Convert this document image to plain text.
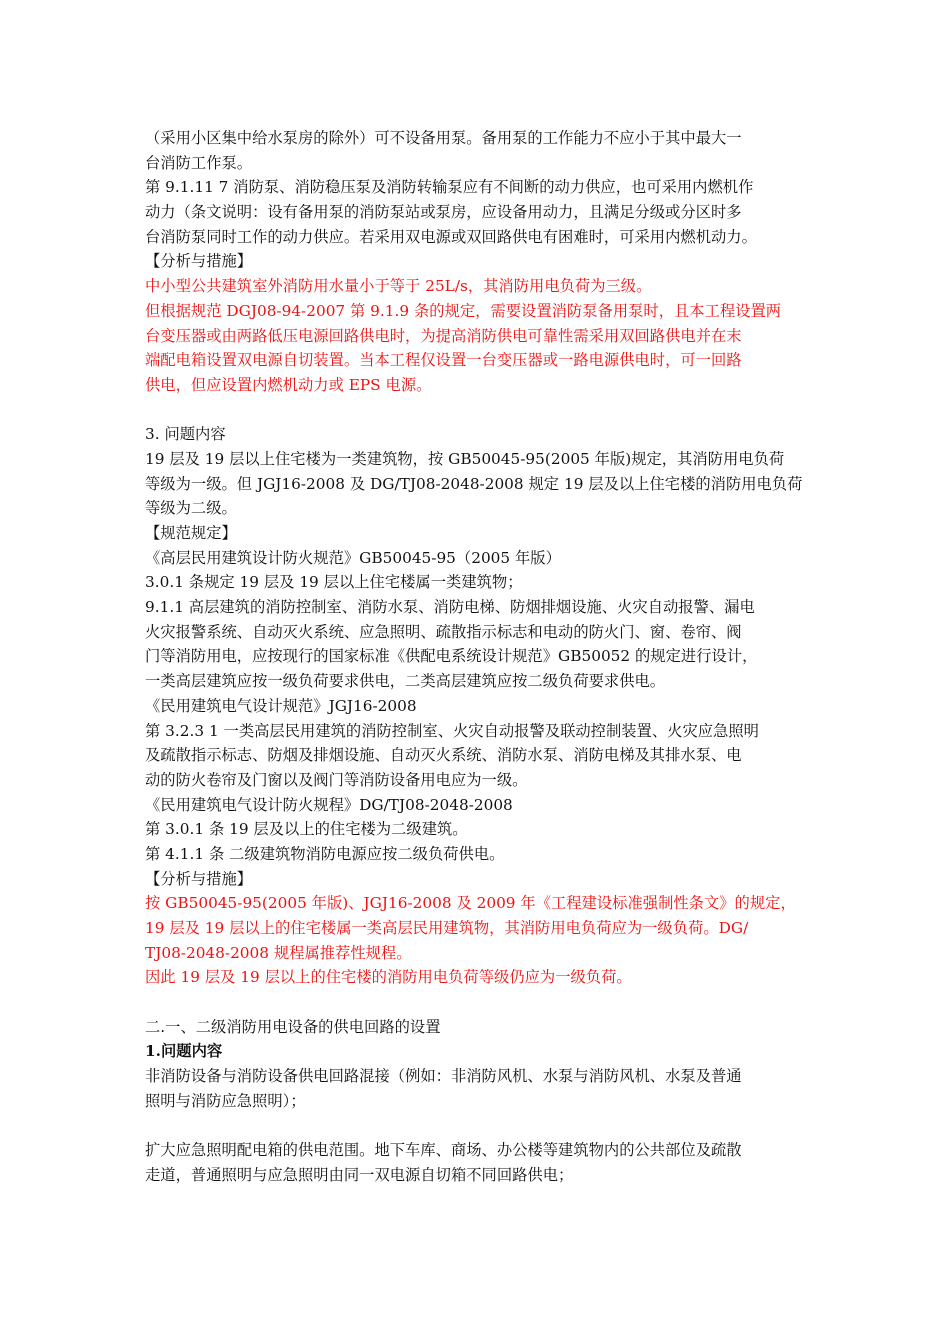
（采用小区集中给水泵房的除外）可不设备用泵。备用泵的工作能力不应小于其中最大一
台消防工作泵。
第 9.1.11 7 消防泵、消防稳压泵及消防转输泵应有不间断的动力供应，也可采用内燃机作
动力（条文说明：设有备用泵的消防泵站或泵房，应设备用动力，且满足分级或分区时多
台消防泵同时工作的动力供应。若采用双电源或双回路供电有困难时，可采用内燃机动力。
【分析与措施】
中小型公共建筑室外消防用水量小于等于 25L/s，其消防用电负荷为三级。
但根据规范 DGJ08-94-2007 第 9.1.9 条的规定，需要设置消防泵备用泵时，且本工程设置两
台变压器或由两路低压电源回路供电时，为提高消防供电可靠性需采用双回路供电并在末
端配电箱设置双电源自切装置。当本工程仅设置一台变压器或一路电源供电时，可一回路
供电，但应设置内燃机动力或 EPS 电源。
3. 问题内容
19 层及 19 层以上住宅楼为一类建筑物，按 GB50045-95(2005 年版)规定，其消防用电负荷
等级为一级。但 JGJ16-2008 及 DG/TJ08-2048-2008 规定 19 层及以上住宅楼的消防用电负荷
等级为二级。
【规范规定】
《高层民用建筑设计防火规范》GB50045-95（2005 年版）
3.0.1 条规定 19 层及 19 层以上住宅楼属一类建筑物；
9.1.1 高层建筑的消防控制室、消防水泵、消防电梯、防烟排烟设施、火灾自动报警、漏电
火灾报警系统、自动灭火系统、应急照明、疏散指示标志和电动的防火门、窗、卷帘、阀
门等消防用电，应按现行的国家标准《供配电系统设计规范》GB50052 的规定进行设计，
一类高层建筑应按一级负荷要求供电，二类高层建筑应按二级负荷要求供电。
《民用建筑电气设计规范》JGJ16-2008
第 3.2.3 1 一类高层民用建筑的消防控制室、火灾自动报警及联动控制装置、火灾应急照明
及疏散指示标志、防烟及排烟设施、自动灭火系统、消防水泵、消防电梯及其排水泵、电
动的防火卷帘及门窗以及阀门等消防设备用电应为一级。
《民用建筑电气设计防火规程》DG/TJ08-2048-2008
第 3.0.1 条 19 层及以上的住宅楼为二级建筑。
第 4.1.1 条 二级建筑物消防电源应按二级负荷供电。
【分析与措施】
按 GB50045-95(2005 年版)、JGJ16-2008 及 2009 年《工程建设标准强制性条文》的规定，
19 层及 19 层以上的住宅楼属一类高层民用建筑物，其消防用电负荷应为一级负荷。DG/
TJ08-2048-2008 规程属推荐性规程。
因此 19 层及 19 层以上的住宅楼的消防用电负荷等级仍应为一级负荷。
二.一、二级消防用电设备的供电回路的设置
1.问题内容
非消防设备与消防设备供电回路混接（例如：非消防风机、水泵与消防风机、水泵及普通
照明与消防应急照明）；
扩大应急照明配电箱的供电范围。地下车库、商场、办公楼等建筑物内的公共部位及疏散
走道，普通照明与应急照明由同一双电源自切箱不同回路供电；
